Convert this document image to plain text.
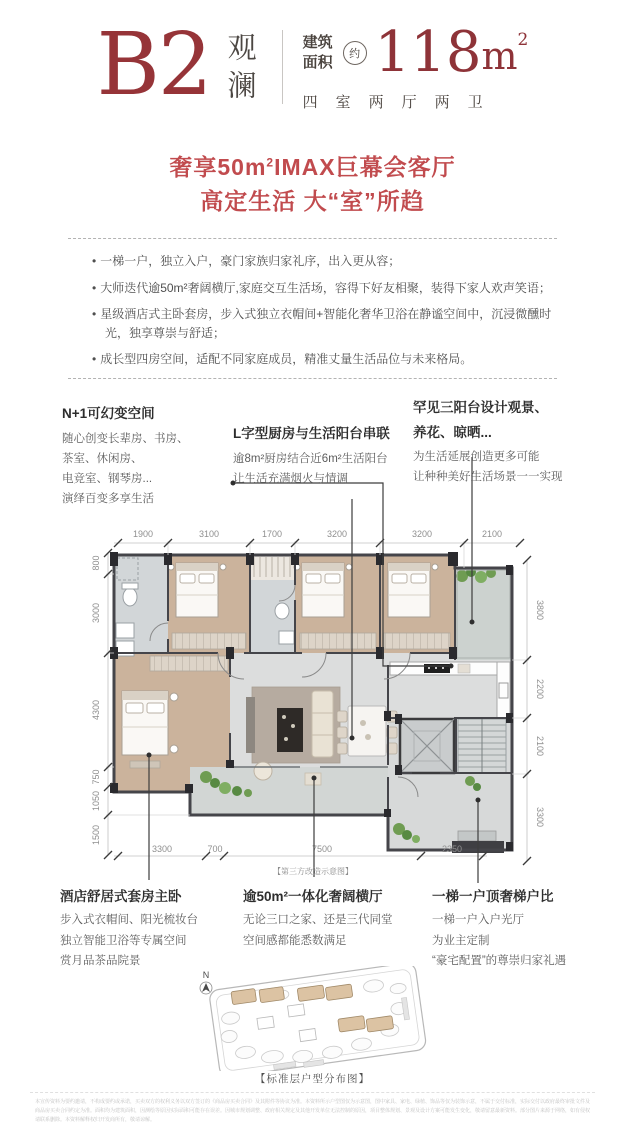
1900	3100	1700	3200	3200	2100
800
3000
4300
750
1050
1500
3800
2200
2100
3300
3300	700	7500	2350
【第三方改造示意图】
B2 观澜	建筑
面积	约 118 m 2
四室两厅两卫
奢享$50m^2IMAX$巨幕会客厅
高定生活 大“室”所趋
• 一梯一户，独立入户，豪门家族归家礼序，出入更从容；
• 大师迭代逾50m²奢阔横厅,家庭交互生活场，容得下好友相聚，装得下家人欢声笑语；
• 星级酒店式主卧套房，步入式独立衣帽间+智能化奢华卫浴在静谧空间中，沉浸微醺时光，独享尊崇与舒适；
• 成长型四房空间，适配不同家庭成员，精准丈量生活品位与未来格局。
N+1可幻变空间
随心创变长辈房、书房、
茶室、休闲房、
电竞室、钢琴房...
演绎百变多享生活
L字型厨房与生活阳台串联
逾8m²厨房结合近6m²生活阳台
让生活充满烟火与情调
罕见三阳台设计观景、
养花、晾晒...
为生活延展创造更多可能
让种种美好生活场景一一实现
酒店舒居式套房主卧
步入式衣帽间、阳光梳妆台
独立智能卫浴等专属空间
赏月品茶品院景
逾50m²一体化奢阔横厅
无论三口之家、还是三代同堂
空间感都能悉数满足
一梯一户顶奢梯户比
一梯一户入户光厅
为业主定制
“豪宅配置”的尊崇归家礼遇
N
【标准层户型分布图】
本宣传资料为要约邀请，不构成要约或承诺，买卖双方的权利义务以双方签订的《商品房买卖合同》及其附件等协议为准。本资料所示户型图仅为示意图，图中家具、家电、绿植、饰品等仅为装饰示意，不属于交付标准，实际交付以政府最终审批文件及商品房买卖合同约定为准。面积均为建筑面积，因测绘等原因实际面积可能存在误差。因城市规划调整、政府相关规定及其他开发单位无法控制的原因，项目整体规划、景观及设计方案可能发生变化，敬请留意最新资料。部分图片来源于网络，如有侵权请联系删除。本资料解释权归开发商所有，敬请谅解。
